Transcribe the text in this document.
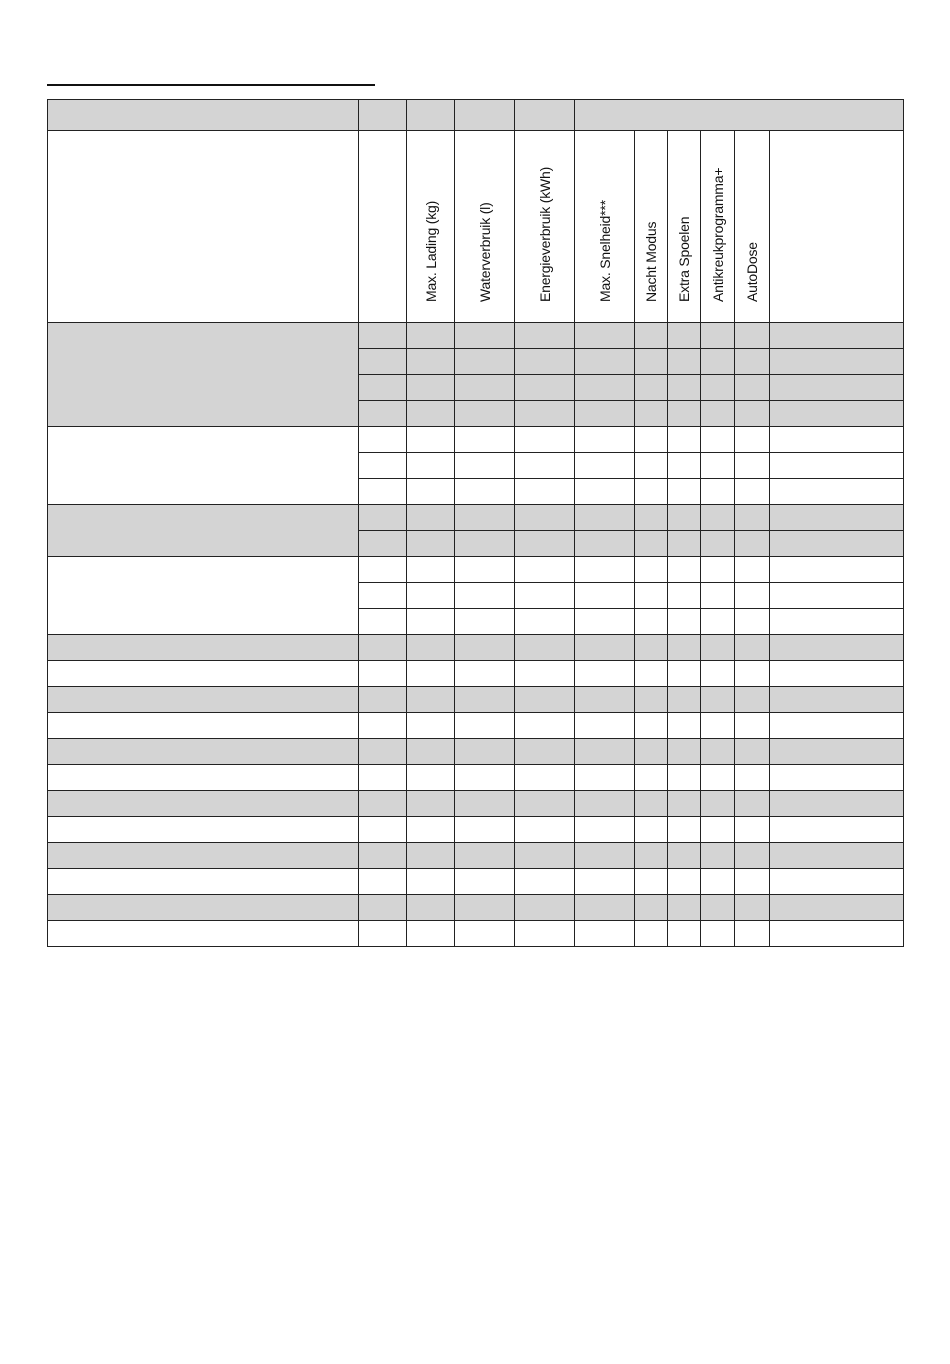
		Max. Lading (kg)	Waterverbruik (l)	Energieverbruik (kWh)	Max. Snelheid***	Nacht Modus	Extra Spoelen	Antikreukprogramma+	AutoDose	
